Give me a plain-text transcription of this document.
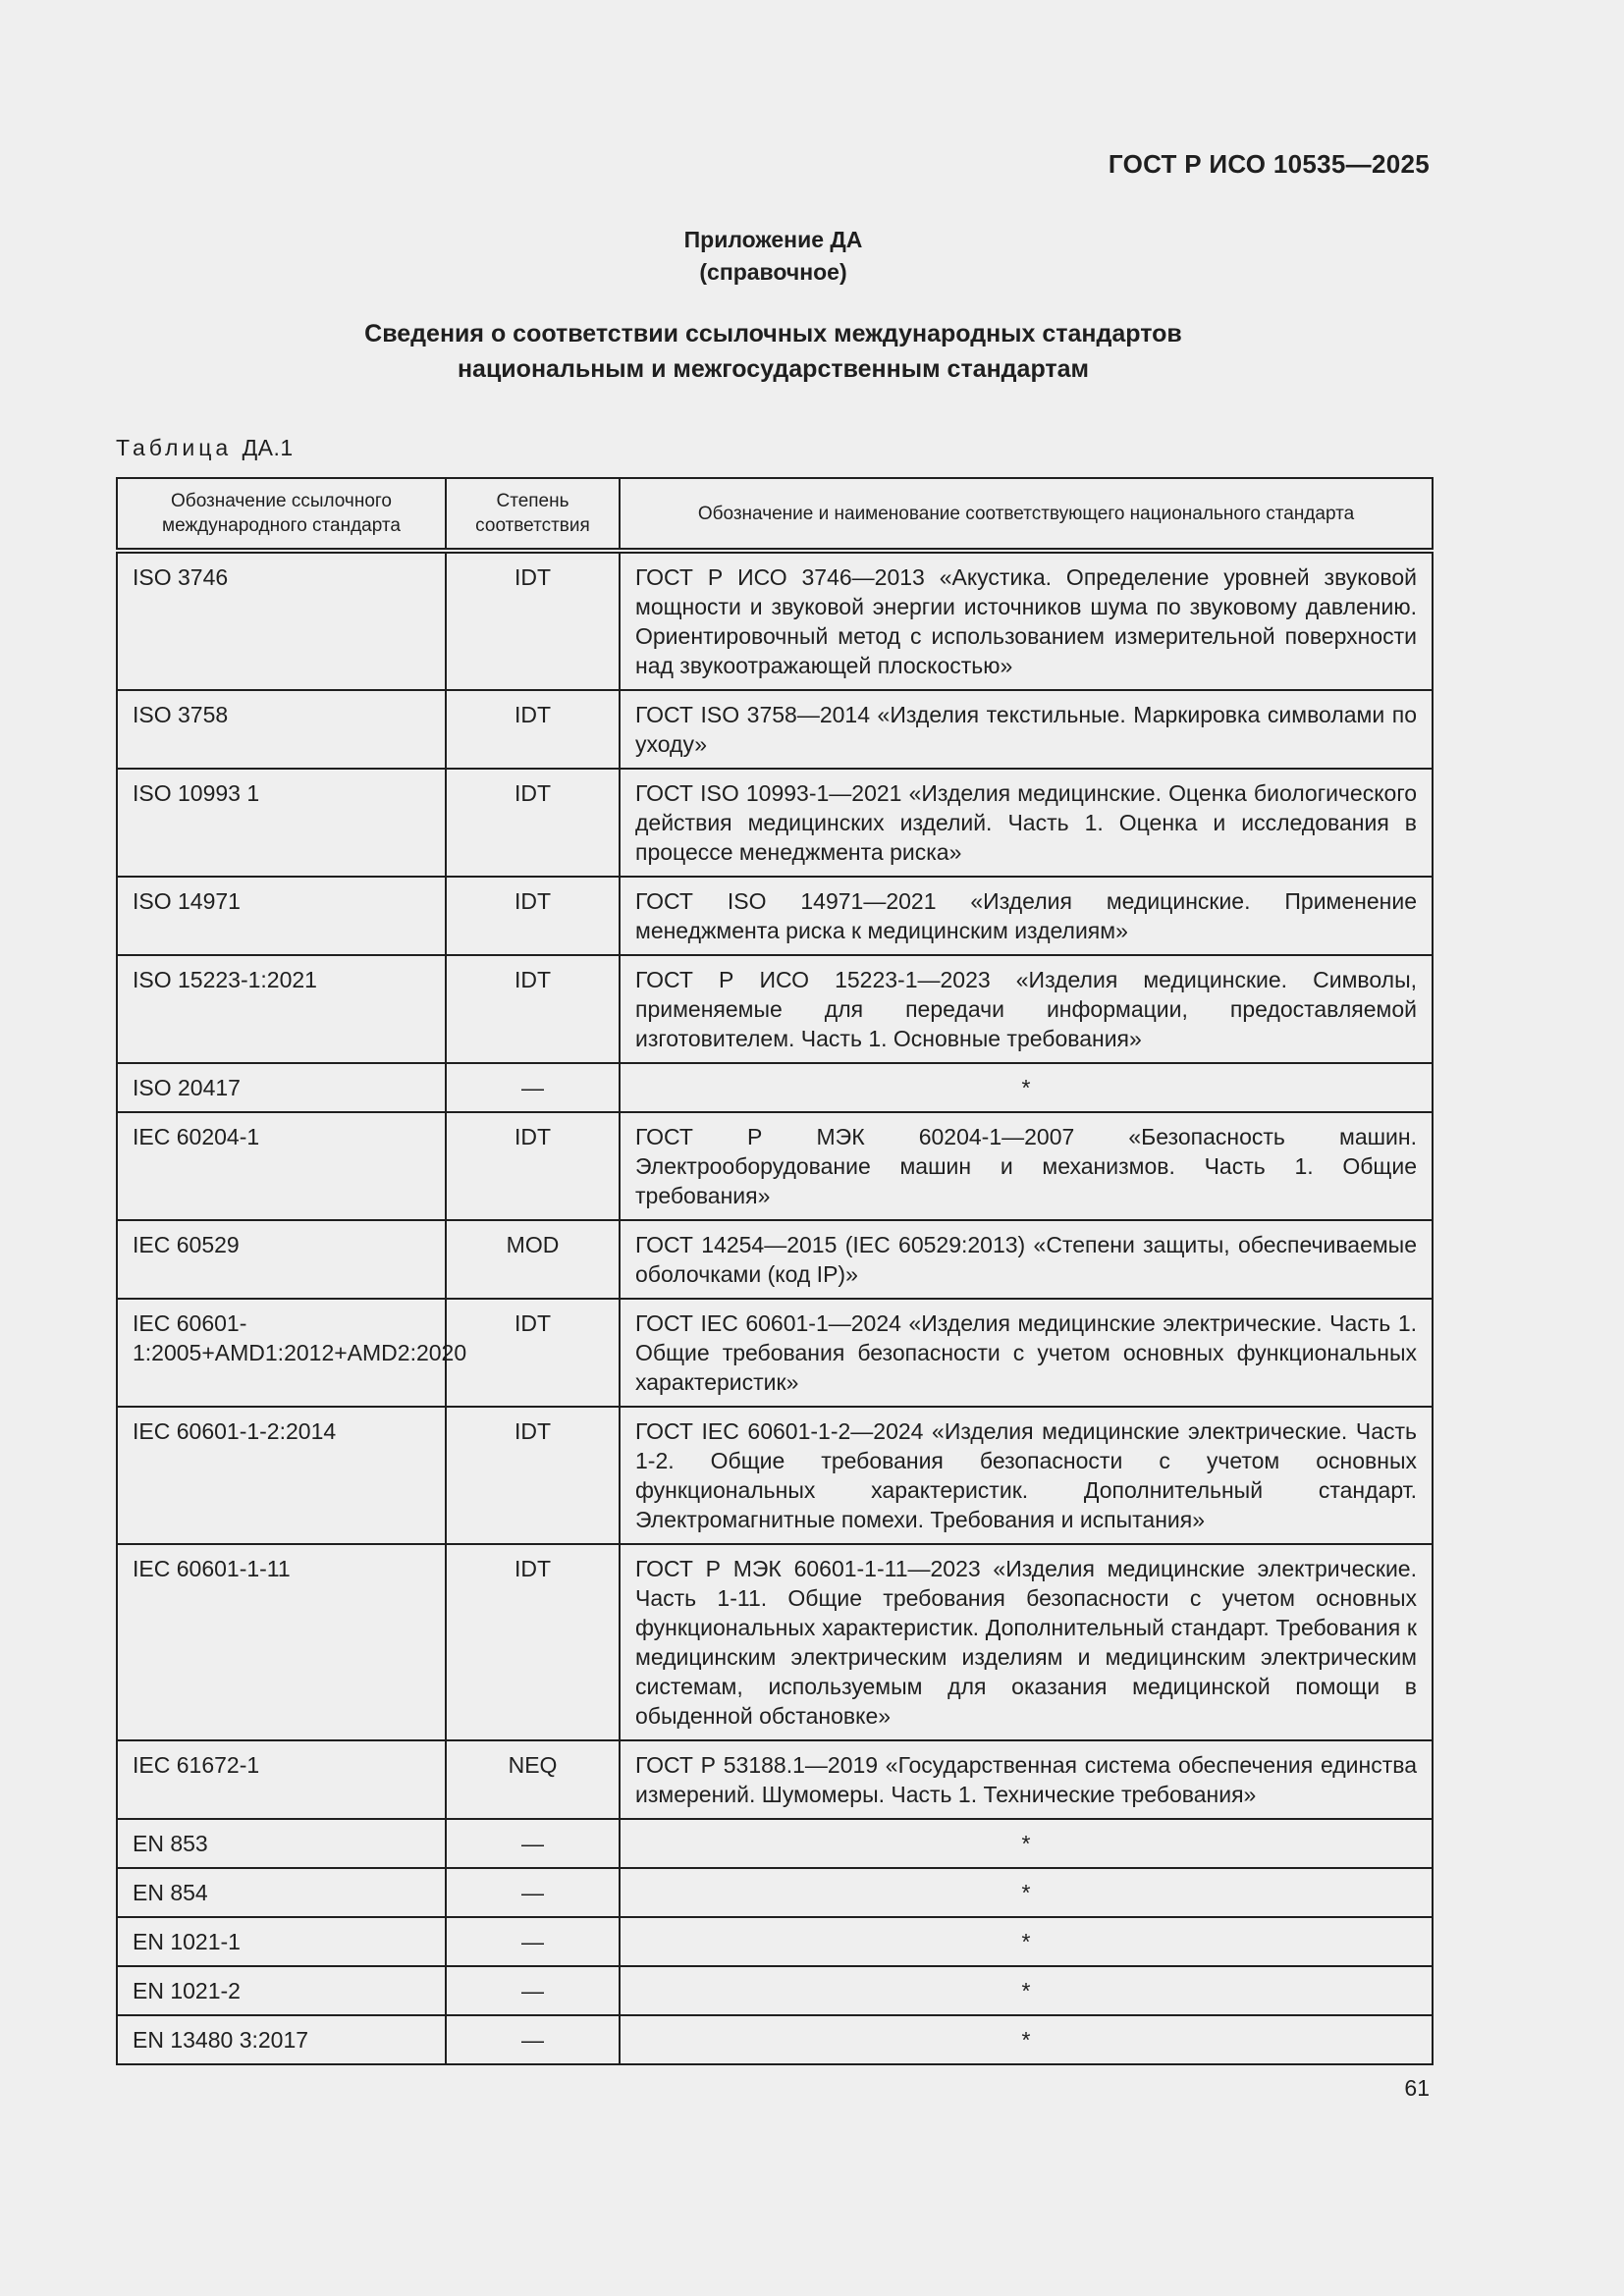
ГОСТ Р ИСО 10535—2025
Приложение ДА
(справочное)
Сведения о соответствии ссылочных международных стандартов
национальным и межгосударственным стандартам
Таблица ДА.1
Обозначение ссылочного международного стандарта	Степень соответствия	Обозначение и наименование соответствующего национального стандарта
ISO 3746	IDT	ГОСТ Р ИСО 3746—2013 «Акустика. Определение уровней звуковой мощности и звуковой энергии источников шума по звуковому давлению. Ориентировочный метод с использованием измерительной поверхности над звукоотражающей плоскостью»
ISO 3758	IDT	ГОСТ ISO 3758—2014 «Изделия текстильные. Маркировка символами по уходу»
ISO 10993 1	IDT	ГОСТ ISO 10993-1—2021 «Изделия медицинские. Оценка биологического действия медицинских изделий. Часть 1. Оценка и исследования в процессе менеджмента риска»
ISO 14971	IDT	ГОСТ ISO 14971—2021 «Изделия медицинские. Применение менеджмента риска к медицинским изделиям»
ISO 15223-1:2021	IDT	ГОСТ Р ИСО 15223-1—2023 «Изделия медицинские. Символы, применяемые для передачи информации, предоставляемой изготовителем. Часть 1. Основные требования»
ISO 20417	—	*
IEC 60204-1	IDT	ГОСТ Р МЭК 60204-1—2007 «Безопасность машин. Электрооборудование машин и механизмов. Часть 1. Общие требования»
IEC 60529	MOD	ГОСТ 14254—2015 (IEC 60529:2013) «Степени защиты, обеспечиваемые оболочками (код IP)»
IEC 60601-1:2005+AMD1:2012+AMD2:2020	IDT	ГОСТ IEC 60601-1—2024 «Изделия медицинские электрические. Часть 1. Общие требования безопасности с учетом основных функциональных характеристик»
IEC 60601-1-2:2014	IDT	ГОСТ IEC 60601-1-2—2024 «Изделия медицинские электрические. Часть 1-2. Общие требования безопасности с учетом основных функциональных характеристик. Дополнительный стандарт. Электромагнитные помехи. Требования и испытания»
IEC 60601-1-11	IDT	ГОСТ Р МЭК 60601-1-11—2023 «Изделия медицинские электрические. Часть 1-11. Общие требования безопасности с учетом основных функциональных характеристик. Дополнительный стандарт. Требования к медицинским электрическим изделиям и медицинским электрическим системам, используемым для оказания медицинской помощи в обыденной обстановке»
IEC 61672-1	NEQ	ГОСТ Р 53188.1—2019 «Государственная система обеспечения единства измерений. Шумомеры. Часть 1. Технические требования»
EN 853	—	*
EN 854	—	*
EN 1021-1	—	*
EN 1021-2	—	*
EN 13480 3:2017	—	*
61
